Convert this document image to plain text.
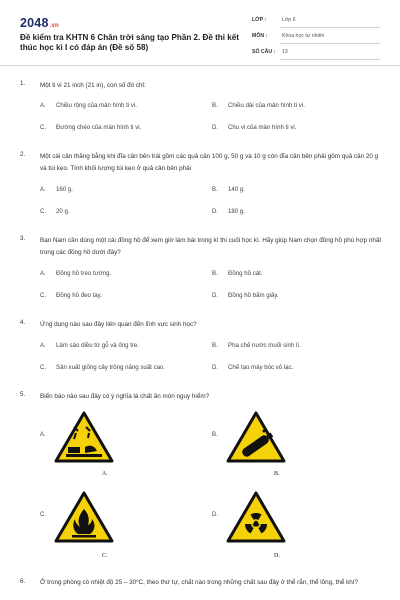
2048.vn
Đề kiểm tra KHTN 6 Chân trời sáng tạo Phần 2. Đề thi kết thúc học kì I có đáp án (Đề số 58)
LỚP :	Lớp 6
MÔN :	Khoa học tự nhiên
SỐ CÂU : 13
1. Một ti vi 21 inch (21 in), con số đó chỉ:
A. Chiều rộng của màn hình ti vi.	B. Chiều dài của màn hình ti vi.
C. Đường chéo của màn hình ti vi.	D. Chu vi của màn hình ti vi.
2. Một cái cân thăng bằng khi đĩa cân bên trái gồm các quả cân 100 g, 50 g và 10 g còn đĩa cân bên phải gồm quả cân 20 g và túi kẹo. Tính khối lượng túi kẹo ở quả cân bên phải
A. 160 g.	B. 140 g.
C. 20 g.	D. 180 g.
3. Bạn Nam cần dùng một cái đồng hồ để xem giờ làm bài trong kì thi cuối học kì. Hãy giúp Nam chọn đồng hồ phù hợp nhất trong các đồng hồ dưới đây?
A. Đồng hồ treo tường.	B. Đồng hồ cát.
C. Đồng hồ đeo tay.	D. Đồng hồ bấm giây.
4. Ứng dụng nào sau đây liên quan đến lĩnh vực sinh học?
A. Làm sáo diều từ gỗ và ống tre.	B. Pha chế nước muối sinh lí.
C. Sản xuất giống cây trồng năng suất cao.	D. Chế tạo máy bóc vỏ lạc.
5. Biển báo nào sau đây có ý nghĩa là chất ăn mòn nguy hiểm?
A.
A.
B.
B.
C.
C.
D.
D.
6. Ở trong phòng có nhiệt độ 25 – 30⁰C, theo thứ tự, chất nào trong những chất sau đây ở thể rắn, thể lỏng, thể khí?
